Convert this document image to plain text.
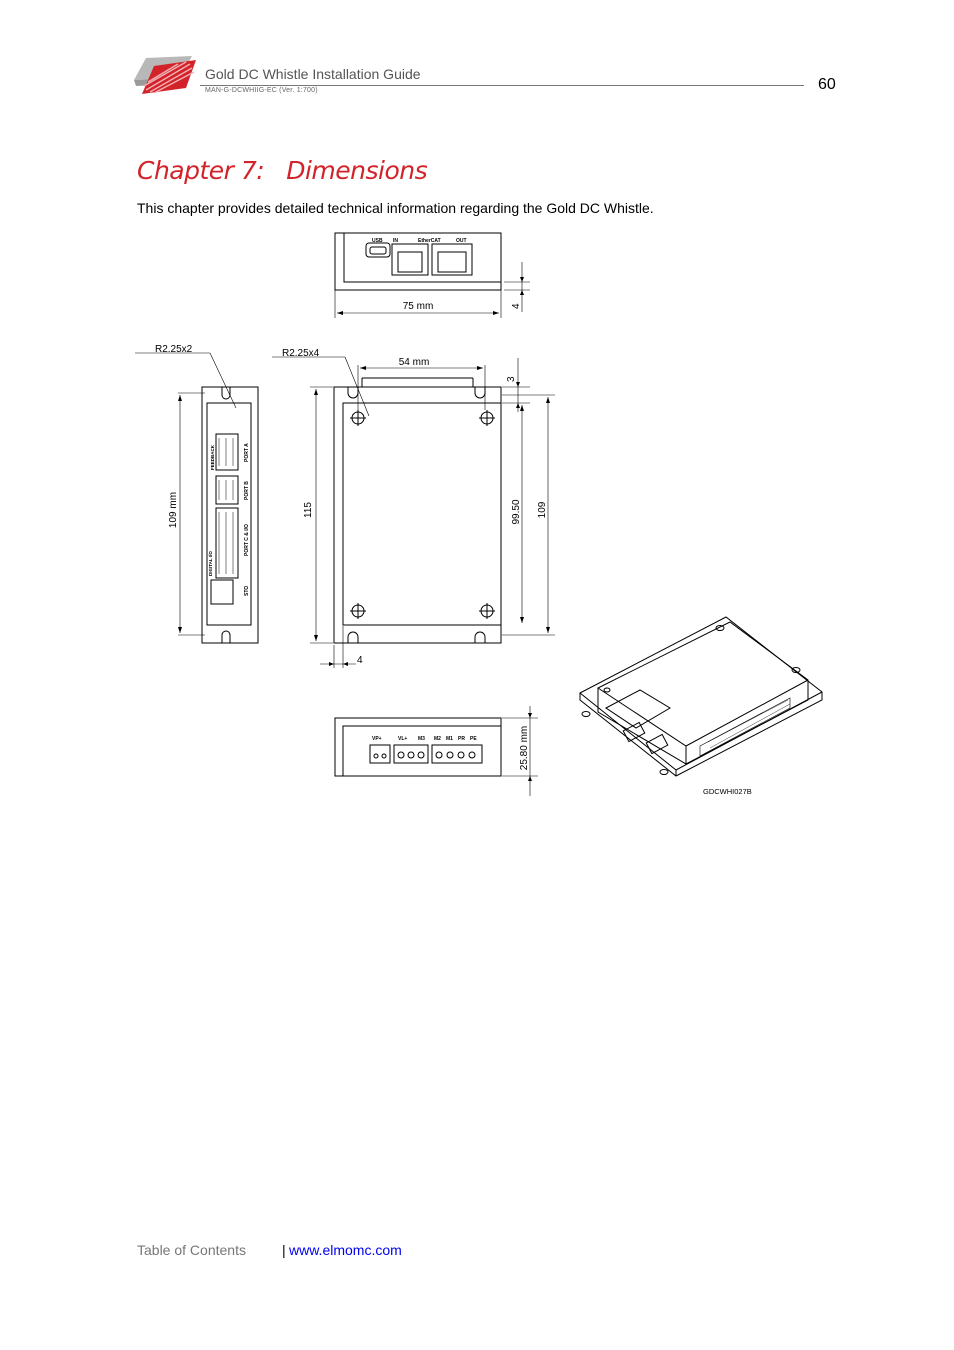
Gold DC Whistle Installation Guide
MAN-G-DCWHIIG-EC (Ver. 1:700)	60
Chapter 7: Dimensions
This chapter provides detailed technical information regarding the Gold DC Whistle.
USB IN	EtherCAT	OUT
75 mm	4
R2.25x2
109 mm
PORT A
PORT B
PORT C & I/O
STO
FEEDBACK
DIGITAL I/O
R2.25x4
54 mm
3
115	99.50 109
4
PE
PR
M1
M2
M3
VL+
VP+	25.80 mm
GDCWHI027B
Table of Contents	| www.elmomc.com
